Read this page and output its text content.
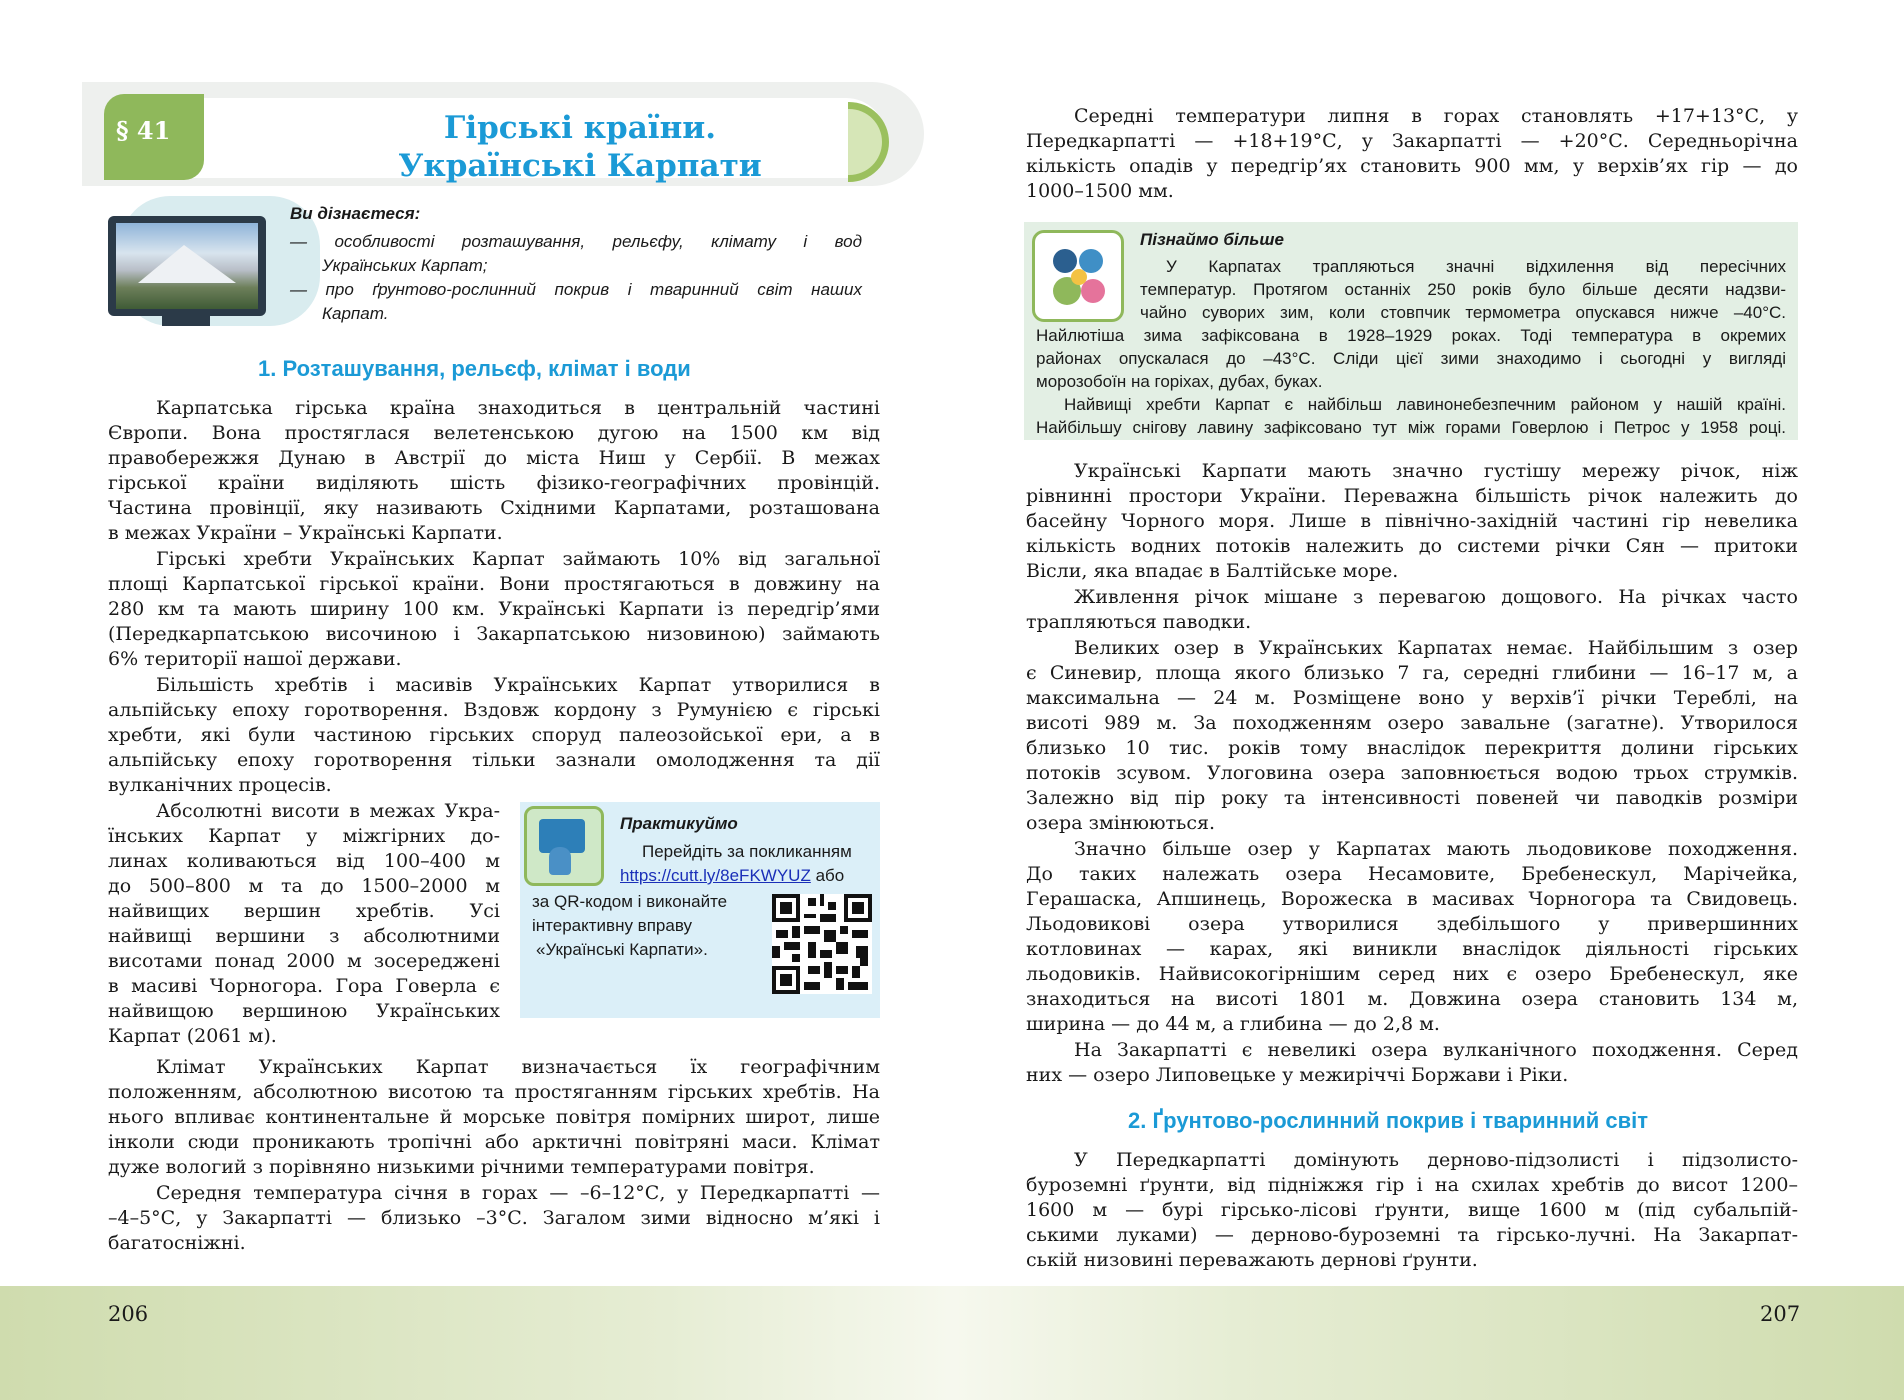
206	207
§ 41	Гірські країни.
Українські Карпати
Ви дізнаєтеся:
— особливості розташування, рельєфу, клімату і вод
Українських Карпат;
— про ґрунтово-рослинний покрив і тваринний світ наших
Карпат.
1. Розташування, рельєф, клімат і води
Карпатська гірська країна знаходиться в центральній частині
Європи. Вона простяглася велетенською дугою на 1500 км від
правобережжя Дунаю в Австрії до міста Ниш у Сербії. В межах
гірської країни виділяють шість фізико-географічних провінцій.
Частина провінції, яку називають Східними Карпатами, розташована
в межах України – Українські Карпати.
Гірські хребти Українських Карпат займають 10% від загальної
площі Карпатської гірської країни. Вони простягаються в довжину на
280 км та мають ширину 100 км. Українські Карпати із передгір’ями
(Передкарпатською височиною і Закарпатською низовиною) займають
6% території нашої держави.
Більшість хребтів і масивів Українських Карпат утворилися в
альпійську епоху горотворення. Вздовж кордону з Румунією є гірські
хребти, які були частиною гірських споруд палеозойської ери, а в
альпійську епоху горотворення тільки зазнали омолодження та дії
вулканічних процесів.
Абсолютні висоти в межах Укра-
їнських Карпат у міжгірних до-
линах коливаються від 100–400 м
до 500–800 м та до 1500–2000 м
найвищих вершин хребтів. Усі
найвищі вершини з абсолютними
висотами понад 2000 м зосереджені
в масиві Чорногора. Гора Говерла є
найвищою вершиною Українських
Карпат (2061 м).
Клімат Українських Карпат визначається їх географічним
положенням, абсолютною висотою та простяганням гірських хребтів. На
нього впливає континентальне й морське повітря помірних широт, лише
інколи сюди проникають тропічні або арктичні повітряні маси. Клімат
дуже вологий з порівняно низькими річними температурами повітря.
Середня температура січня в горах — –6–12°С, у Передкарпатті —
–4–5°С, у Закарпатті — близько –3°С. Загалом зими відносно м’які і
багатосніжні.
Практикуймо
Перейдіть за покликанням
https://cutt.ly/8eFKWYUZ або
за QR-кодом і виконайте
інтерактивну вправу
«Українські Карпати».
Середні температури липня в горах становлять +17+13°С, у
Передкарпатті — +18+19°С, у Закарпатті — +20°С. Середньорічна
кількість опадів у передгір’ях становить 900 мм, у верхів’ях гір — до
1000–1500 мм.
Пізнаймо більше
У Карпатах трапляються значні відхилення від пересічних
температур. Протягом останніх 250 років було більше десяти надзви-
чайно суворих зим, коли стовпчик термометра опускався нижче –40°С.
Найлютіша зима зафіксована в 1928–1929 роках. Тоді температура в окремих
районах опускалася до –43°С. Сліди цієї зими знаходимо і сьогодні у вигляді
морозобоїн на горіхах, дубах, буках.
Найвищі хребти Карпат є найбільш лавинонебезпечним районом у нашій країні.
Найбільшу снігову лавину зафіксовано тут між горами Говерлою і Петрос у 1958 році.
Українські Карпати мають значно густішу мережу річок, ніж
рівнинні простори України. Переважна більшість річок належить до
басейну Чорного моря. Лише в північно-західній частині гір невелика
кількість водних потоків належить до системи річки Сян — притоки
Вісли, яка впадає в Балтійське море.
Живлення річок мішане з перевагою дощового. На річках часто
трапляються паводки.
Великих озер в Українських Карпатах немає. Найбільшим з озер
є Синевир, площа якого близько 7 га, середні глибини — 16–17 м, а
максимальна — 24 м. Розміщене воно у верхів’ї річки Тереблі, на
висоті 989 м. За походженням озеро завальне (загатне). Утворилося
близько 10 тис. років тому внаслідок перекриття долини гірських
потоків зсувом. Улоговина озера заповнюється водою трьох струмків.
Залежно від пір року та інтенсивності повеней чи паводків розміри
озера змінюються.
Значно більше озер у Карпатах мають льодовикове походження.
До таких належать озера Несамовите, Бребенескул, Марічейка,
Герашаска, Апшинець, Ворожеска в масивах Чорногора та Свидовець.
Льодовикові озера утворилися здебільшого у привершинних
котловинах — карах, які виникли внаслідок діяльності гірських
льодовиків. Найвисокогірнішим серед них є озеро Бребенескул, яке
знаходиться на висоті 1801 м. Довжина озера становить 134 м,
ширина — до 44 м, а глибина — до 2,8 м.
На Закарпатті є невеликі озера вулканічного походження. Серед
них — озеро Липовецьке у межиріччі Боржави і Ріки.
2. Ґрунтово-рослинний покрив і тваринний світ
У Передкарпатті домінують дерново-підзолисті і підзолисто-
буроземні ґрунти, від підніжжя гір і на схилах хребтів до висот 1200–
1600 м — бурі гірсько-лісові ґрунти, вище 1600 м (під субальпій-
ськими луками) — дерново-буроземні та гірсько-лучні. На Закарпат-
ській низовині переважають дернові ґрунти.
